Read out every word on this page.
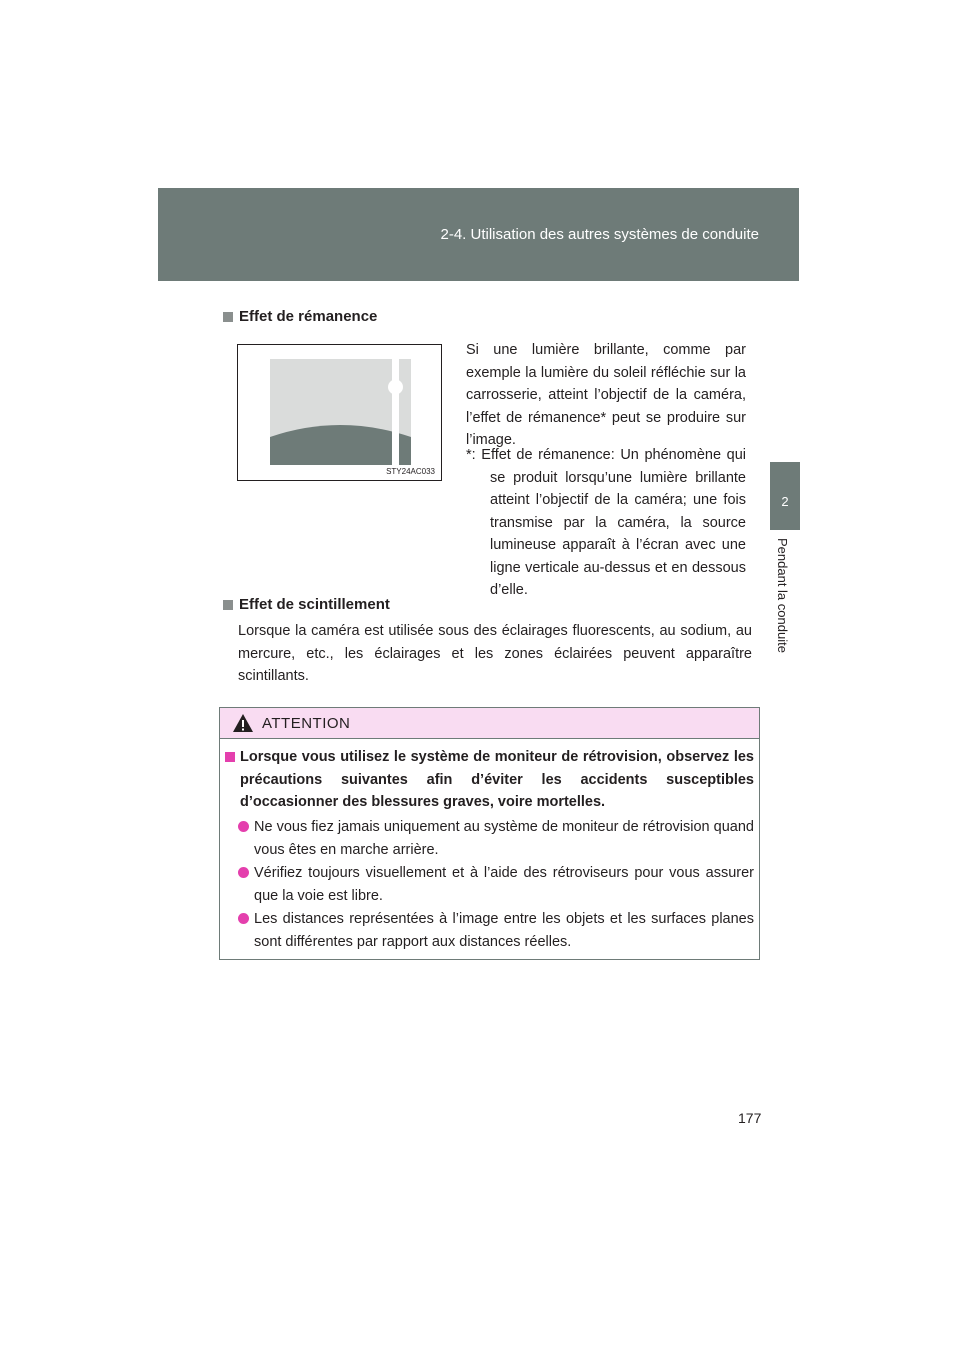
2-4. Utilisation des autres systèmes de conduite
2
Pendant la conduite
Effet de rémanence
STY24AC033
Si une lumière brillante, comme par exemple la lumière du soleil réfléchie sur la carrosserie, atteint l’objectif de la caméra, l’effet de rémanence* peut se produire sur l’image.
*: Effet de rémanence: Un phénomène qui se produit lorsqu’une lumière brillante atteint l’objectif de la caméra; une fois transmise par la caméra, la source lumineuse apparaît à l’écran avec une ligne verticale au-dessus et en dessous d’elle.
Effet de scintillement
Lorsque la caméra est utilisée sous des éclairages fluorescents, au sodium, au mercure, etc., les éclairages et les zones éclairées peuvent apparaître scintillants.
ATTENTION
Lorsque vous utilisez le système de moniteur de rétrovision, observez les précautions suivantes afin d’éviter les accidents susceptibles d’occasionner des blessures graves, voire mortelles.
Ne vous fiez jamais uniquement au système de moniteur de rétrovision quand vous êtes en marche arrière.
Vérifiez toujours visuellement et à l’aide des rétroviseurs pour vous assurer que la voie est libre.
Les distances représentées à l’image entre les objets et les surfaces planes sont différentes par rapport aux distances réelles.
177
